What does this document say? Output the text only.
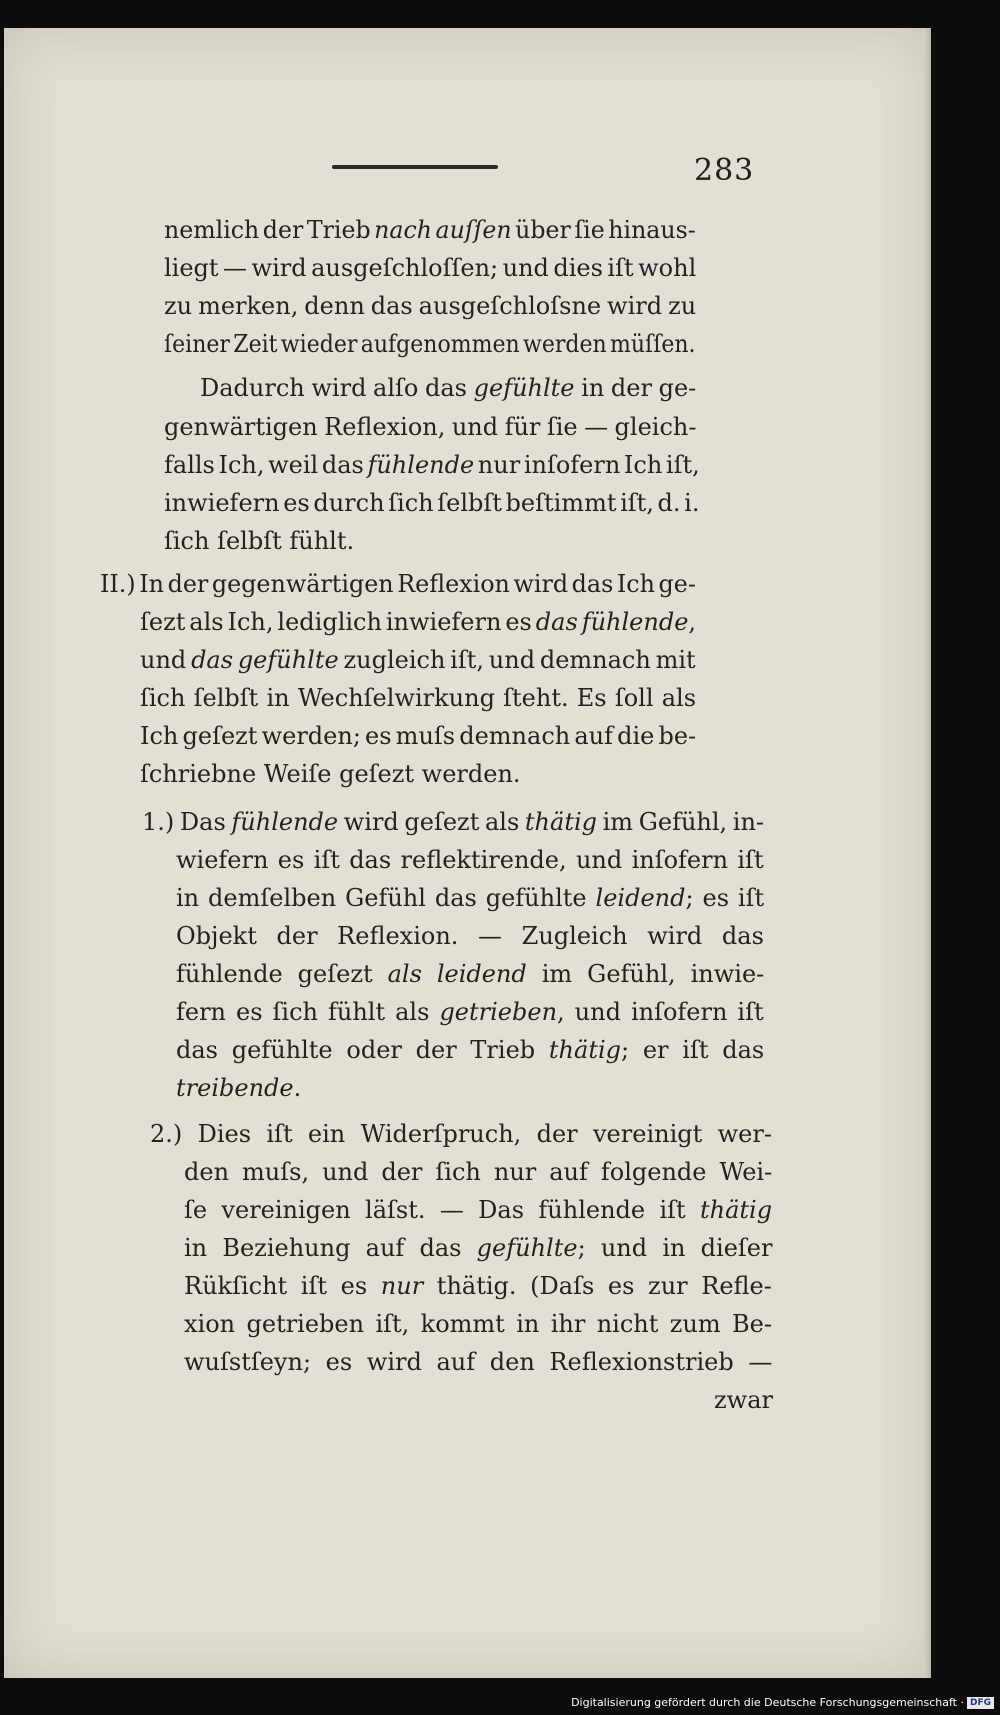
283
nemlich der Trieb nach auſſen über ſie hinaus-
liegt — wird ausgeſchloſſen; und dies iſt wohl
zu merken, denn das ausgeſchloſsne wird zu
ſeiner Zeit wieder aufgenommen werden müſſen.
Dadurch wird alſo das gefühlte in der ge-
genwärtigen Reflexion, und für ſie — gleich-
falls Ich, weil das fühlende nur inſofern Ich iſt,
inwiefern es durch ſich ſelbſt beſtimmt iſt, d. i.
ſich ſelbſt fühlt.
II.) In der gegenwärtigen Reflexion wird das Ich ge-
ſezt als Ich, lediglich inwiefern es das fühlende,
und das gefühlte zugleich iſt, und demnach mit
ſich ſelbſt in Wechſelwirkung ſteht. Es ſoll als
Ich geſezt werden; es muſs demnach auf die be-
ſchriebne Weiſe geſezt werden.
1.) Das fühlende wird geſezt als thätig im Gefühl, in-
wiefern es iſt das reflektirende, und inſofern iſt
in demſelben Gefühl das gefühlte leidend; es iſt
Objekt der Reflexion. — Zugleich wird das
fühlende geſezt als leidend im Gefühl, inwie-
fern es ſich fühlt als getrieben, und inſofern iſt
das gefühlte oder der Trieb thätig; er iſt das
treibende.
2.) Dies iſt ein Widerſpruch, der vereinigt wer-
den muſs, und der ſich nur auf folgende Wei-
ſe vereinigen läſst. — Das fühlende iſt thätig
in Beziehung auf das gefühlte; und in dieſer
Rükſicht iſt es nur thätig. (Daſs es zur Refle-
xion getrieben iſt, kommt in ihr nicht zum Be-
wuſstſeyn; es wird auf den Reflexionstrieb —
zwar
Digitalisierung gefördert durch die Deutsche Forschungsgemeinschaft · DFG
